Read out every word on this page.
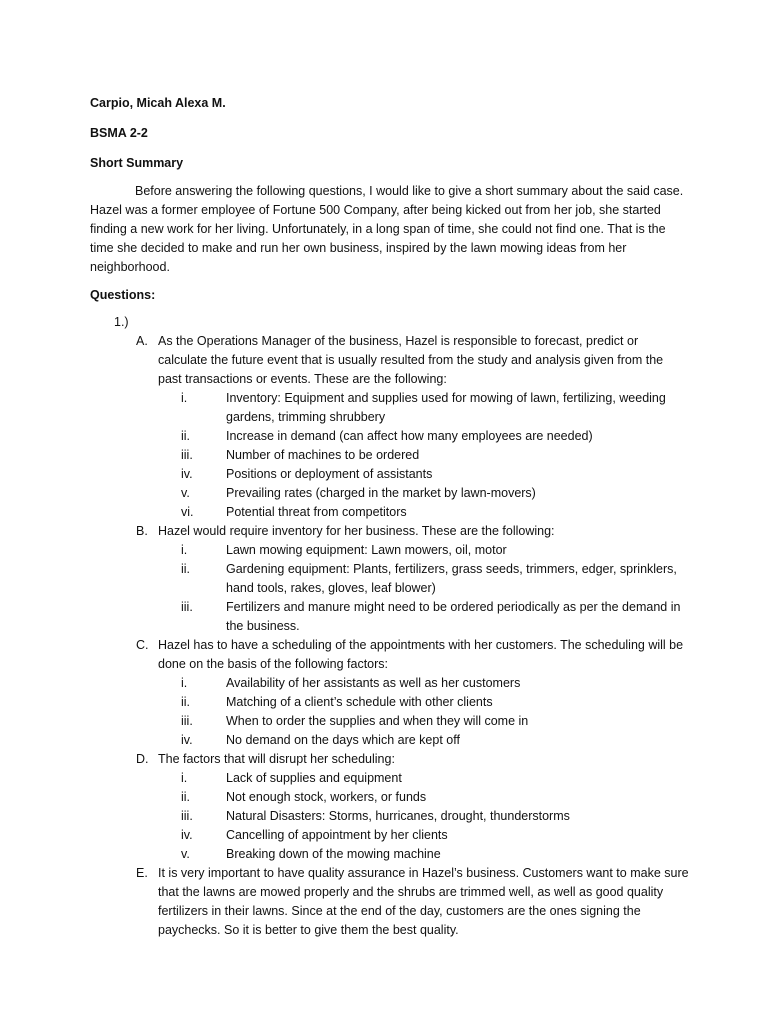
Carpio, Micah Alexa M.
BSMA 2-2
Short Summary
Before answering the following questions, I would like to give a short summary about the said case. Hazel was a former employee of Fortune 500 Company, after being kicked out from her job, she started finding a new work for her living. Unfortunately, in a long span of time, she could not find one. That is the time she decided to make and run her own business, inspired by the lawn mowing ideas from her neighborhood.
Questions:
1.)
A. As the Operations Manager of the business, Hazel is responsible to forecast, predict or calculate the future event that is usually resulted from the study and analysis given from the past transactions or events. These are the following:
i.	Inventory: Equipment and supplies used for mowing of lawn, fertilizing, weeding gardens, trimming shrubbery
ii.	Increase in demand (can affect how many employees are needed)
iii.	Number of machines to be ordered
iv.	Positions or deployment of assistants
v.	Prevailing rates (charged in the market by lawn-movers)
vi.	Potential threat from competitors
B. Hazel would require inventory for her business. These are the following:
i.	Lawn mowing equipment: Lawn mowers, oil, motor
ii.	Gardening equipment: Plants, fertilizers, grass seeds, trimmers, edger, sprinklers, hand tools, rakes, gloves, leaf blower)
iii.	Fertilizers and manure might need to be ordered periodically as per the demand in the business.
C. Hazel has to have a scheduling of the appointments with her customers. The scheduling will be done on the basis of the following factors:
i.	Availability of her assistants as well as her customers
ii.	Matching of a client’s schedule with other clients
iii.	When to order the supplies and when they will come in
iv.	No demand on the days which are kept off
D. The factors that will disrupt her scheduling:
i.	Lack of supplies and equipment
ii.	Not enough stock, workers, or funds
iii.	Natural Disasters: Storms, hurricanes, drought, thunderstorms
iv.	Cancelling of appointment by her clients
v.	Breaking down of the mowing machine
E. It is very important to have quality assurance in Hazel’s business. Customers want to make sure that the lawns are mowed properly and the shrubs are trimmed well, as well as good quality fertilizers in their lawns. Since at the end of the day, customers are the ones signing the paychecks. So it is better to give them the best quality.
